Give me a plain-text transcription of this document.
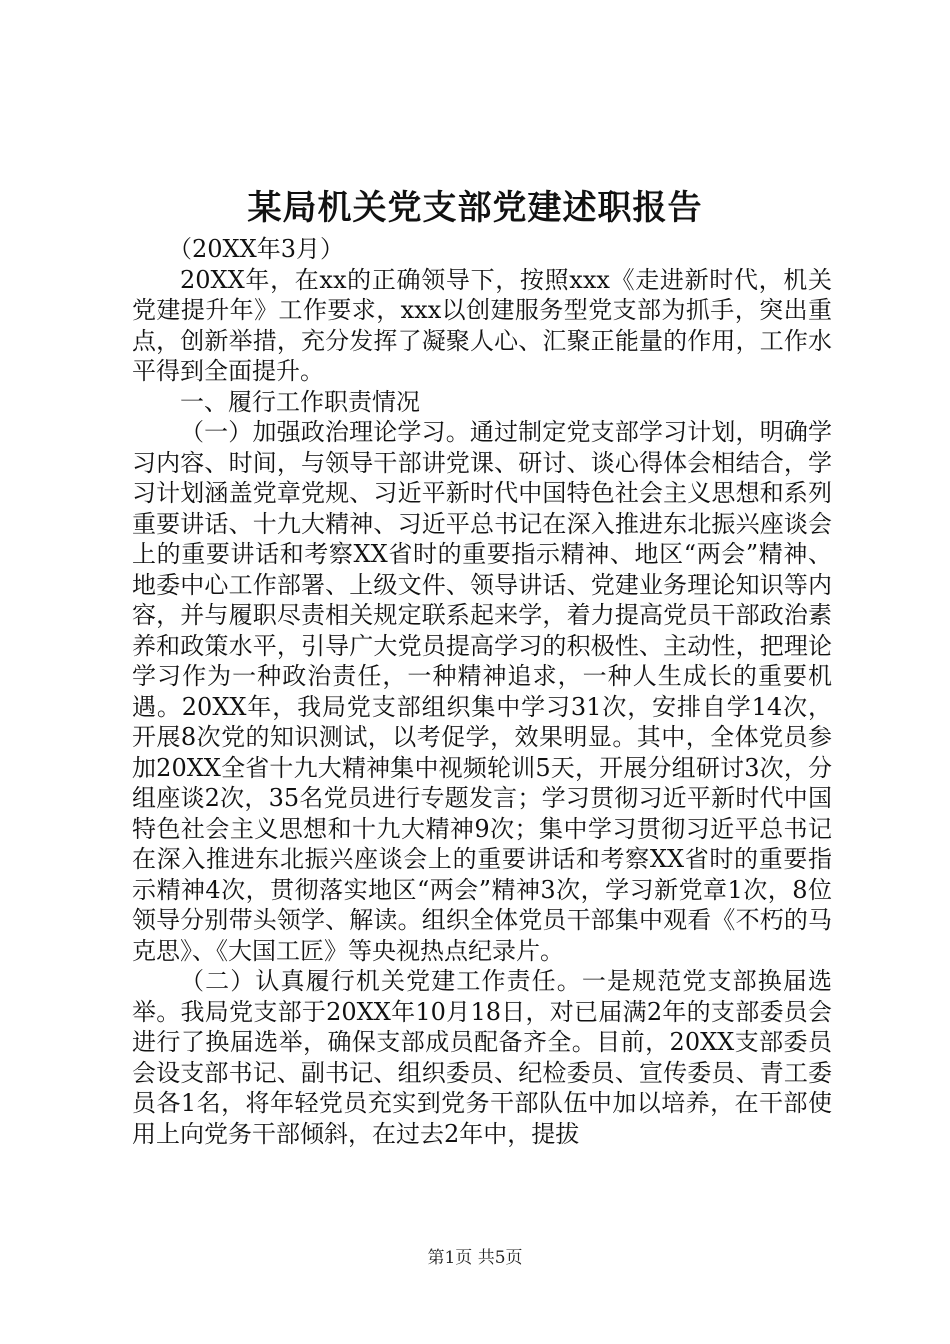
某局机关党支部党建述职报告

（20XX年3月）

20XX年，在xx的正确领导下，按照xxx《走进新时代，机关党建提升年》工作要求，xxx以创建服务型党支部为抓手，突出重点，创新举措，充分发挥了凝聚人心、汇聚正能量的作用，工作水平得到全面提升。

一、履行工作职责情况

（一）加强政治理论学习。通过制定党支部学习计划，明确学习内容、时间，与领导干部讲党课、研讨、谈心得体会相结合，学习计划涵盖党章党规、习近平新时代中国特色社会主义思想和系列重要讲话、十九大精神、习近平总书记在深入推进东北振兴座谈会上的重要讲话和考察XX省时的重要指示精神、地区“两会”精神、地委中心工作部署、上级文件、领导讲话、党建业务理论知识等内容，并与履职尽责相关规定联系起来学，着力提高党员干部政治素养和政策水平，引导广大党员提高学习的积极性、主动性，把理论学习作为一种政治责任，一种精神追求，一种人生成长的重要机遇。20XX年，我局党支部组织集中学习31次，安排自学14次，开展8次党的知识测试，以考促学，效果明显。其中，全体党员参加20XX全省十九大精神集中视频轮训5天，开展分组研讨3次，分组座谈2次，35名党员进行专题发言；学习贯彻习近平新时代中国特色社会主义思想和十九大精神9次；集中学习贯彻习近平总书记在深入推进东北振兴座谈会上的重要讲话和考察XX省时的重要指示精神4次，贯彻落实地区“两会”精神3次，学习新党章1次，8位领导分别带头领学、解读。组织全体党员干部集中观看《不朽的马克思》、《大国工匠》等央视热点纪录片。

（二）认真履行机关党建工作责任。一是规范党支部换届选举。我局党支部于20XX年10月18日，对已届满2年的支部委员会进行了换届选举，确保支部成员配备齐全。目前，20XX支部委员会设支部书记、副书记、组织委员、纪检委员、宣传委员、青工委员各1名，将年轻党员充实到党务干部队伍中加以培养，在干部使用上向党务干部倾斜，在过去2年中，提拔

第1页 共5页
